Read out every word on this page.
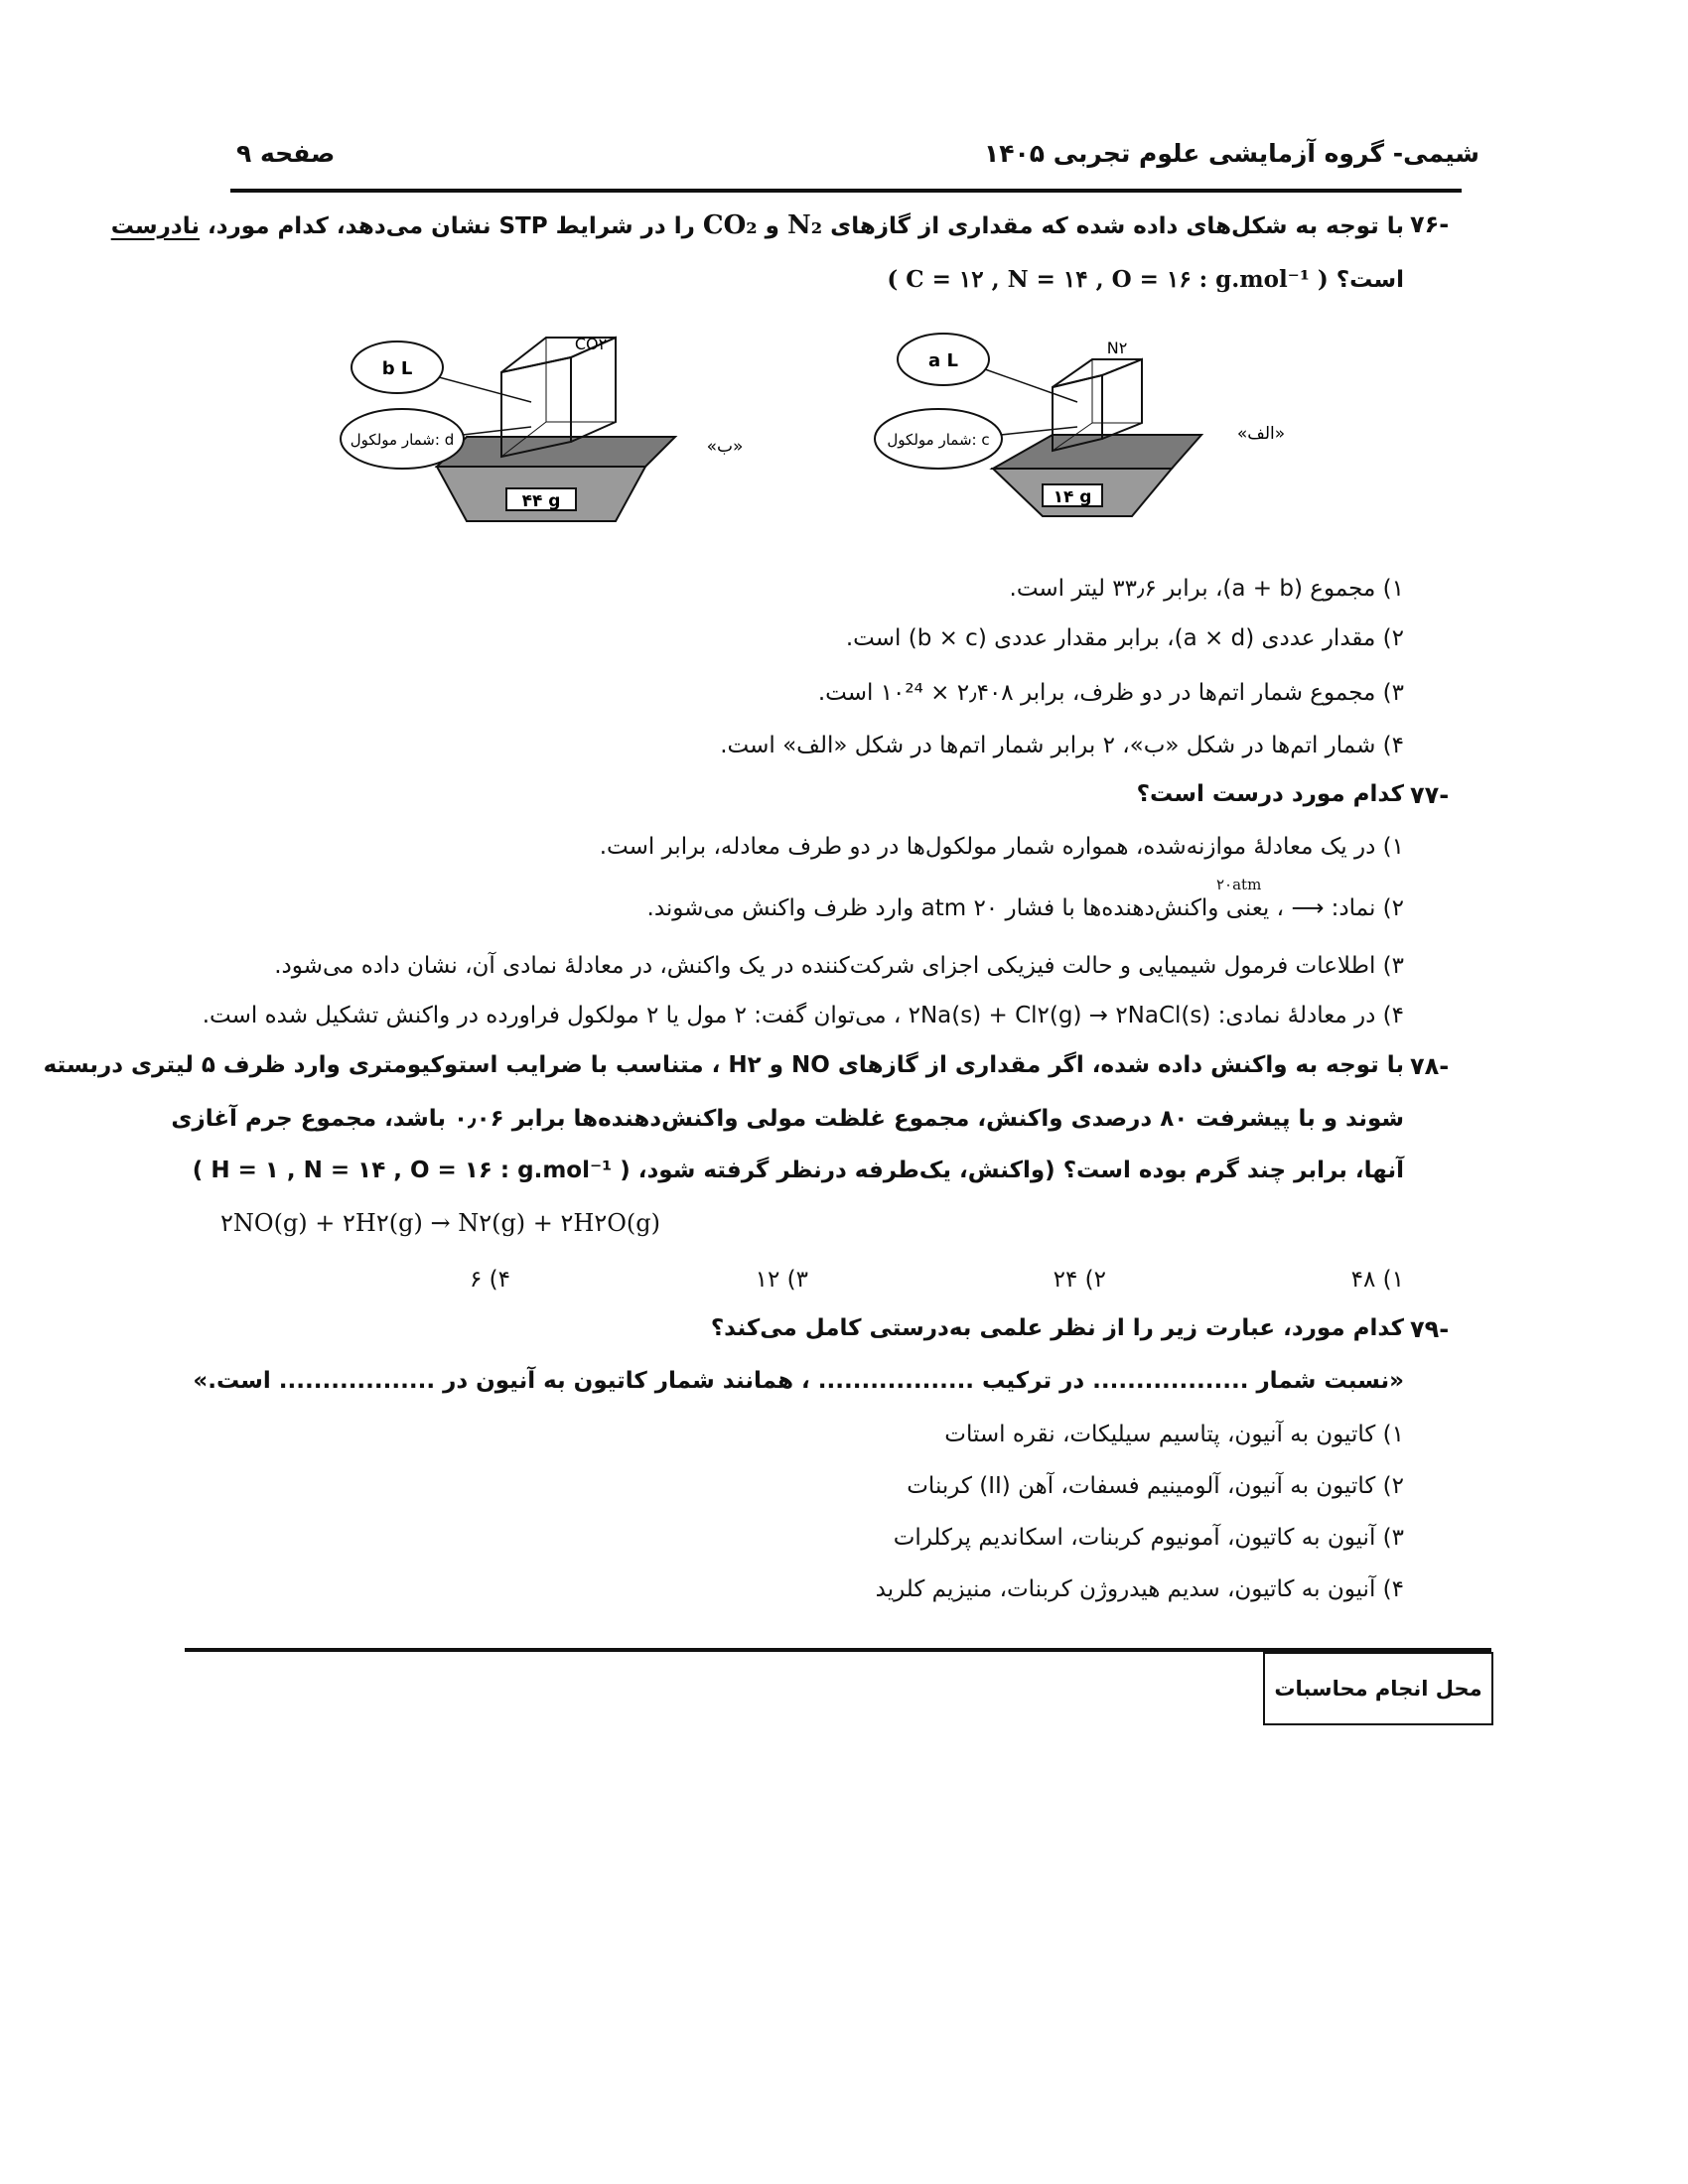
شیمی- گروه آزمایشی علوم تجربی ۱۴۰۵
صفحه ۹
-۷۶
با توجه به شکل‌های داده شده که مقداری از گازهای N₂ و CO₂ را در شرایط STP نشان می‌دهد، کدام مورد، نادرست
است؟ ( C = ۱۲ , N = ۱۴ , O = ۱۶ : g.mol⁻¹ )
۴۴ g
CO۲
b L
شمار مولکول: d	«ب»
۱۴ g
N۲
a L
شمار مولکول: c	«الف»
۱) مجموع (a + b)، برابر ۳۳٫۶ لیتر است.
۲) مقدار عددی (a × d)، برابر مقدار عددی (b × c) است.
۳) مجموع شمار اتم‌ها در دو ظرف، برابر ۲٫۴۰۸ × ۱۰²⁴ است.
۴) شمار اتم‌ها در شکل «ب»، ۲ برابر شمار اتم‌ها در شکل «الف» است.
-۷۷
کدام مورد درست است؟
۱) در یک معادلهٔ موازنه‌شده، همواره شمار مولکول‌ها در دو طرف معادله، برابر است.
۲۰atm
۲) نماد: ⟶ ، یعنی واکنش‌دهنده‌ها با فشار ۲۰ atm وارد ظرف واکنش می‌شوند.
۳) اطلاعات فرمول شیمیایی و حالت فیزیکی اجزای شرکت‌کننده در یک واکنش، در معادلهٔ نمادی آن، نشان داده می‌شود.
۴) در معادلهٔ نمادی: ۲Na(s) + Cl۲(g) → ۲NaCl(s) ، می‌توان گفت: ۲ مول یا ۲ مولکول فراورده در واکنش تشکیل شده است.
-۷۸
با توجه به واکنش داده شده، اگر مقداری از گازهای NO و H۲ ، متناسب با ضرایب استوکیومتری وارد ظرف ۵ لیتری دربسته
شوند و با پیشرفت ۸۰ درصدی واکنش، مجموع غلظت مولی واکنش‌دهنده‌ها برابر ۰٫۰۶ باشد، مجموع جرم آغازی
آنها، برابر چند گرم بوده است؟ (واکنش، یک‌طرفه درنظر گرفته شود، ( H = ۱ , N = ۱۴ , O = ۱۶ : g.mol⁻¹ )
۲NO(g) + ۲H۲(g) → N۲(g) + ۲H۲O(g)
۱) ۴۸
۲) ۲۴
۳) ۱۲
۴) ۶
-۷۹
کدام مورد، عبارت زیر را از نظر علمی به‌درستی کامل می‌کند؟
«نسبت شمار .................. در ترکیب .................. ، همانند شمار کاتیون به آنیون در .................. است.»
۱) کاتیون به آنیون، پتاسیم سیلیکات، نقره استات
۲) کاتیون به آنیون، آلومینیم فسفات، آهن (II) کربنات
۳) آنیون به کاتیون، آمونیوم کربنات، اسکاندیم پرکلرات
۴) آنیون به کاتیون، سدیم هیدروژن کربنات، منیزیم کلرید
محل انجام محاسبات
